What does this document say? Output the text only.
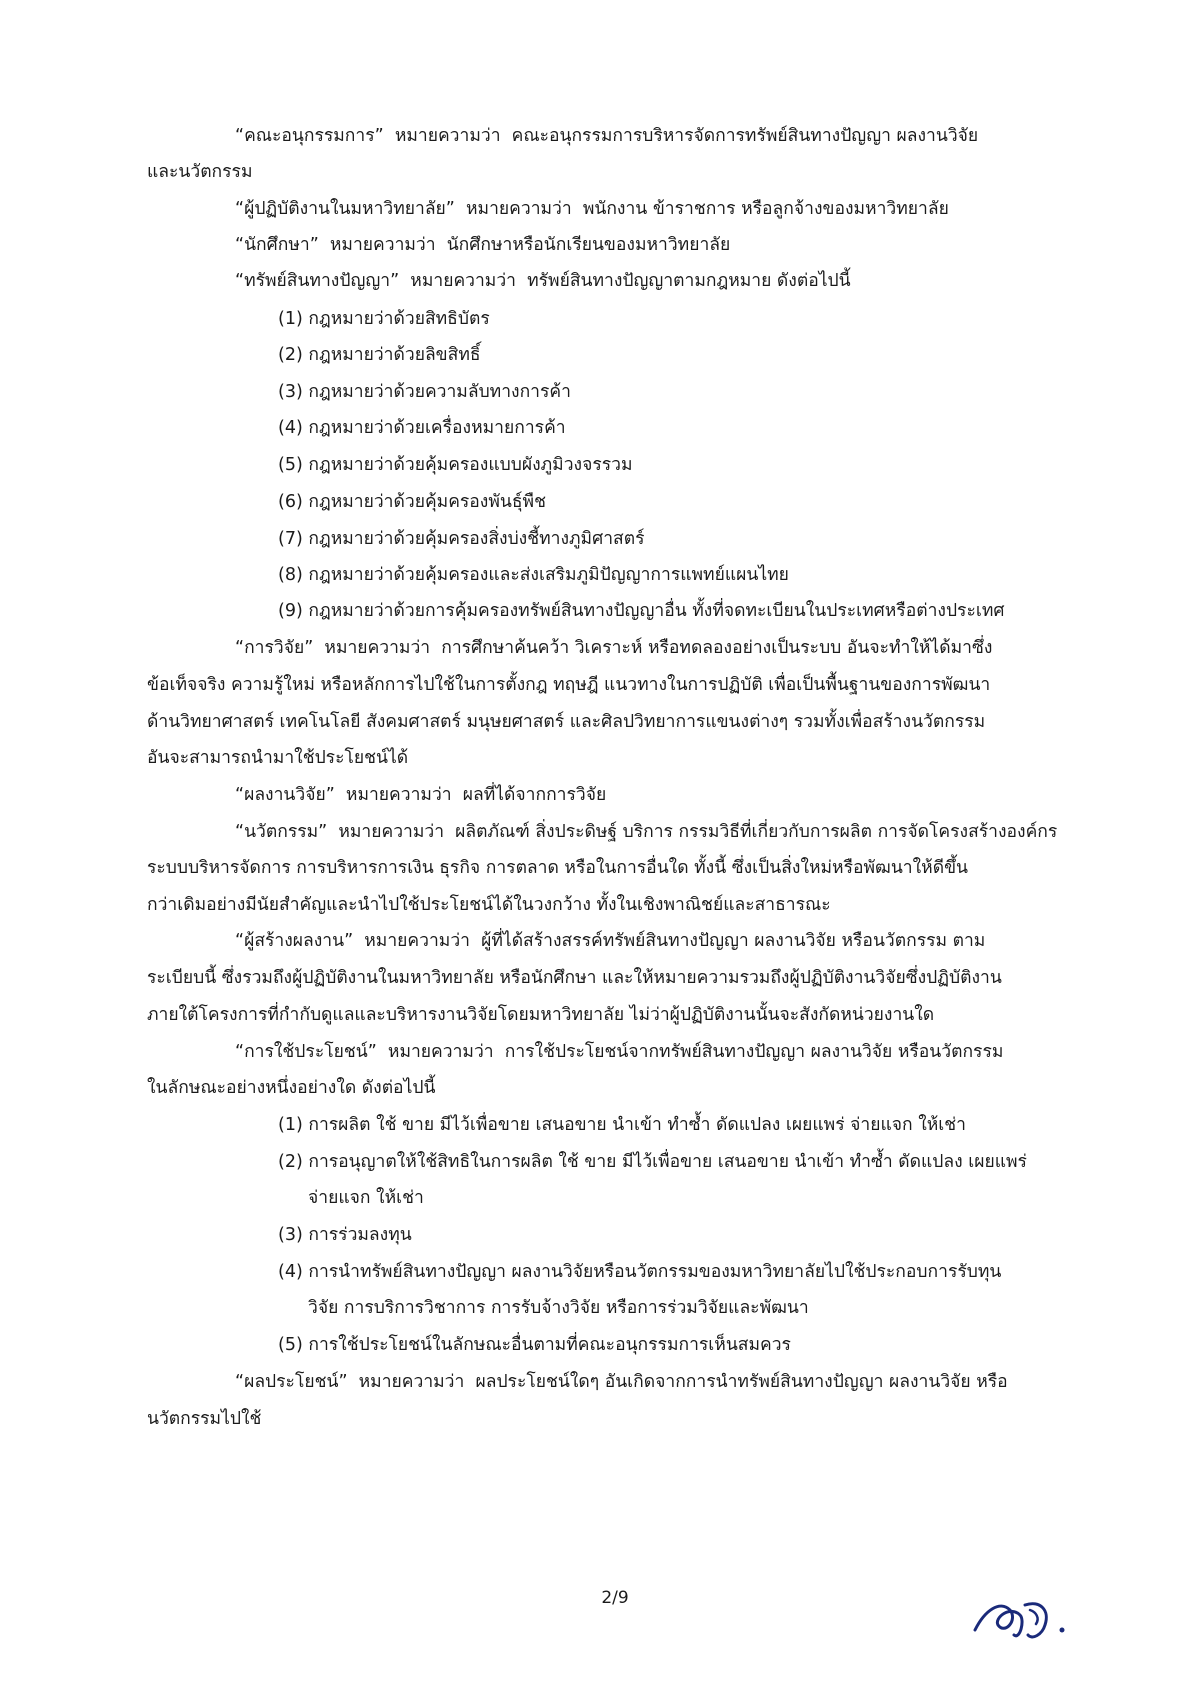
“คณะอนุกรรมการ”  หมายความว่า  คณะอนุกรรมการบริหารจัดการทรัพย์สินทางปัญญา ผลงานวิจัย
และนวัตกรรม
“ผู้ปฏิบัติงานในมหาวิทยาลัย”  หมายความว่า  พนักงาน ข้าราชการ หรือลูกจ้างของมหาวิทยาลัย
“นักศึกษา”  หมายความว่า  นักศึกษาหรือนักเรียนของมหาวิทยาลัย
“ทรัพย์สินทางปัญญา”  หมายความว่า  ทรัพย์สินทางปัญญาตามกฎหมาย ดังต่อไปนี้
(1) กฎหมายว่าด้วยสิทธิบัตร
(2) กฎหมายว่าด้วยลิขสิทธิ์
(3) กฎหมายว่าด้วยความลับทางการค้า
(4) กฎหมายว่าด้วยเครื่องหมายการค้า
(5) กฎหมายว่าด้วยคุ้มครองแบบผังภูมิวงจรรวม
(6) กฎหมายว่าด้วยคุ้มครองพันธุ์พืช
(7) กฎหมายว่าด้วยคุ้มครองสิ่งบ่งชี้ทางภูมิศาสตร์
(8) กฎหมายว่าด้วยคุ้มครองและส่งเสริมภูมิปัญญาการแพทย์แผนไทย
(9) กฎหมายว่าด้วยการคุ้มครองทรัพย์สินทางปัญญาอื่น ทั้งที่จดทะเบียนในประเทศหรือต่างประเทศ
“การวิจัย”  หมายความว่า  การศึกษาค้นคว้า วิเคราะห์ หรือทดลองอย่างเป็นระบบ อันจะทำให้ได้มาซึ่ง
ข้อเท็จจริง ความรู้ใหม่ หรือหลักการไปใช้ในการตั้งกฎ ทฤษฎี แนวทางในการปฏิบัติ เพื่อเป็นพื้นฐานของการพัฒนา
ด้านวิทยาศาสตร์ เทคโนโลยี สังคมศาสตร์ มนุษยศาสตร์ และศิลปวิทยาการแขนงต่างๆ รวมทั้งเพื่อสร้างนวัตกรรม
อันจะสามารถนำมาใช้ประโยชน์ได้
“ผลงานวิจัย”  หมายความว่า  ผลที่ได้จากการวิจัย
“นวัตกรรม”  หมายความว่า  ผลิตภัณฑ์ สิ่งประดิษฐ์ บริการ กรรมวิธีที่เกี่ยวกับการผลิต การจัดโครงสร้างองค์กร
ระบบบริหารจัดการ การบริหารการเงิน ธุรกิจ การตลาด หรือในการอื่นใด ทั้งนี้ ซึ่งเป็นสิ่งใหม่หรือพัฒนาให้ดีขึ้น
กว่าเดิมอย่างมีนัยสำคัญและนำไปใช้ประโยชน์ได้ในวงกว้าง ทั้งในเชิงพาณิชย์และสาธารณะ
“ผู้สร้างผลงาน”  หมายความว่า  ผู้ที่ได้สร้างสรรค์ทรัพย์สินทางปัญญา ผลงานวิจัย หรือนวัตกรรม ตาม
ระเบียบนี้ ซึ่งรวมถึงผู้ปฏิบัติงานในมหาวิทยาลัย หรือนักศึกษา และให้หมายความรวมถึงผู้ปฏิบัติงานวิจัยซึ่งปฏิบัติงาน
ภายใต้โครงการที่กำกับดูแลและบริหารงานวิจัยโดยมหาวิทยาลัย ไม่ว่าผู้ปฏิบัติงานนั้นจะสังกัดหน่วยงานใด
“การใช้ประโยชน์”  หมายความว่า  การใช้ประโยชน์จากทรัพย์สินทางปัญญา ผลงานวิจัย หรือนวัตกรรม
ในลักษณะอย่างหนึ่งอย่างใด ดังต่อไปนี้
(1) การผลิต ใช้ ขาย มีไว้เพื่อขาย เสนอขาย นำเข้า ทำซ้ำ ดัดแปลง เผยแพร่ จ่ายแจก ให้เช่า
(2) การอนุญาตให้ใช้สิทธิในการผลิต ใช้ ขาย มีไว้เพื่อขาย เสนอขาย นำเข้า ทำซ้ำ ดัดแปลง เผยแพร่
จ่ายแจก ให้เช่า
(3) การร่วมลงทุน
(4) การนำทรัพย์สินทางปัญญา ผลงานวิจัยหรือนวัตกรรมของมหาวิทยาลัยไปใช้ประกอบการรับทุน
วิจัย การบริการวิชาการ การรับจ้างวิจัย หรือการร่วมวิจัยและพัฒนา
(5) การใช้ประโยชน์ในลักษณะอื่นตามที่คณะอนุกรรมการเห็นสมควร
“ผลประโยชน์”  หมายความว่า  ผลประโยชน์ใดๆ อันเกิดจากการนำทรัพย์สินทางปัญญา ผลงานวิจัย หรือ
นวัตกรรมไปใช้
2/9
